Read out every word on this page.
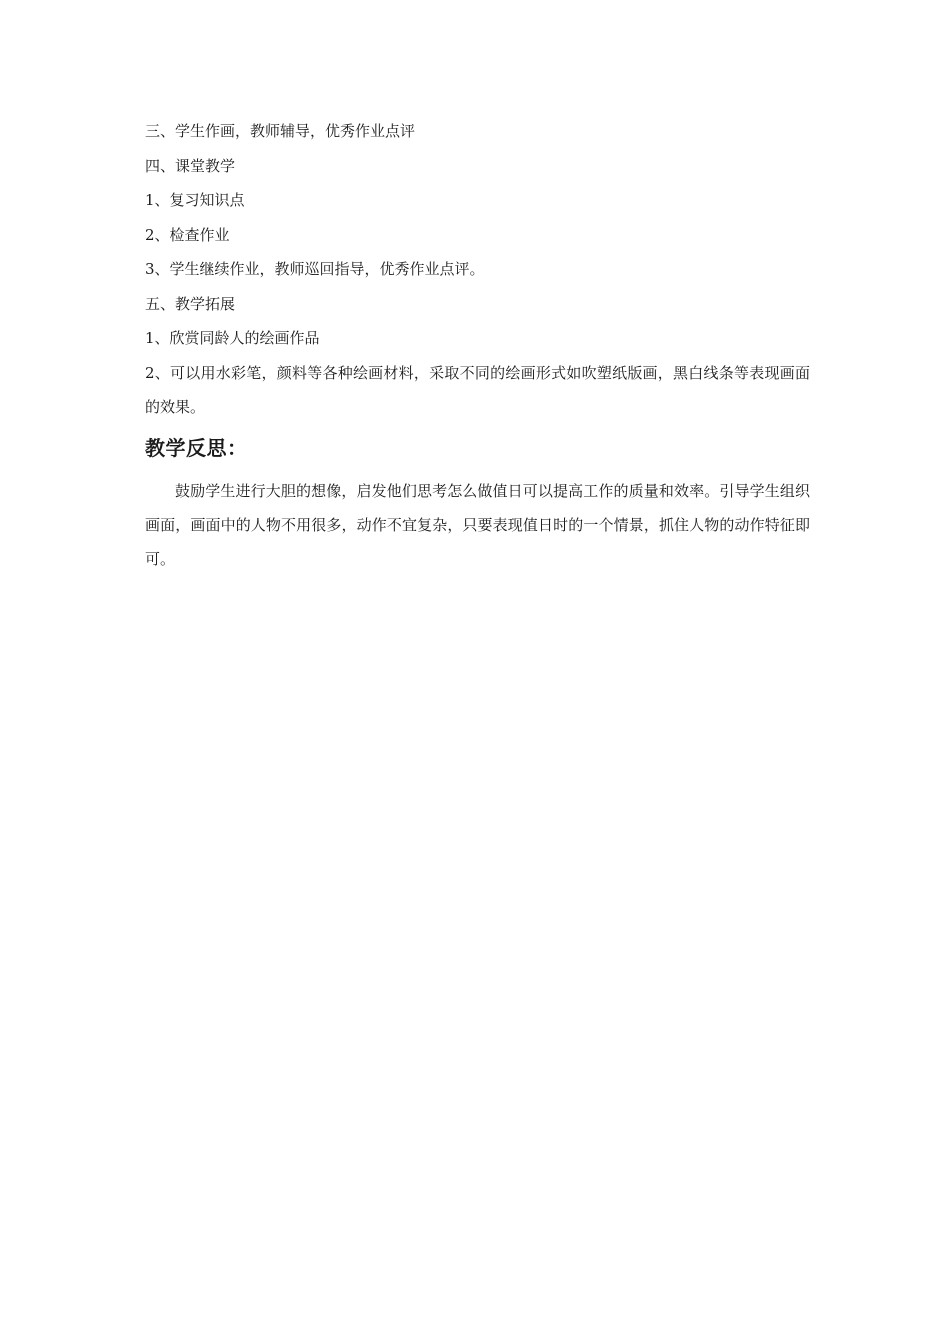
三、学生作画，教师辅导，优秀作业点评

四、课堂教学

1、复习知识点

2、检查作业

3、学生继续作业，教师巡回指导，优秀作业点评。

五、教学拓展

1、欣赏同龄人的绘画作品

2、可以用水彩笔，颜料等各种绘画材料，采取不同的绘画形式如吹塑纸版画，黑白线条等表现画面的效果。

教学反思：

鼓励学生进行大胆的想像，启发他们思考怎么做值日可以提高工作的质量和效率。引导学生组织画面，画面中的人物不用很多，动作不宜复杂，只要表现值日时的一个情景，抓住人物的动作特征即可。
